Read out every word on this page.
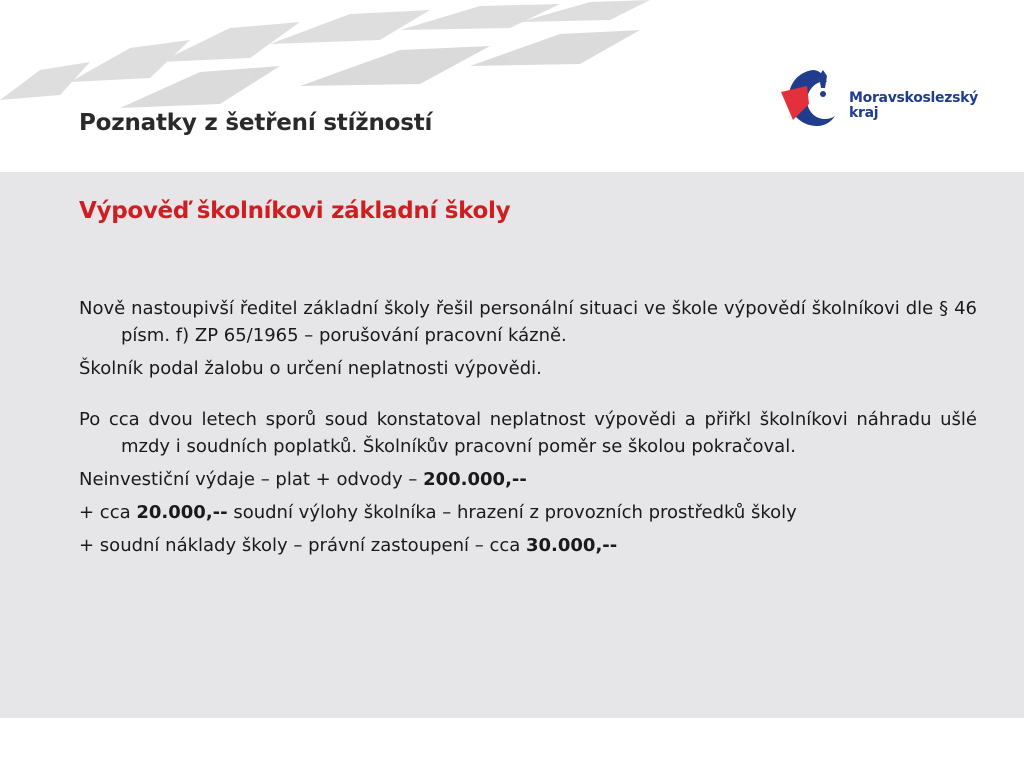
Poznatky z šetření stížností
Moravskoslezský
kraj
Výpověď školníkovi základní školy

Nově nastoupivší ředitel základní školy řešil personální situaci ve škole výpovědí školníkovi dle § 46 písm. f) ZP 65/1965 – porušování pracovní kázně.

Školník podal žalobu o určení neplatnosti výpovědi.

Po cca dvou letech sporů soud konstatoval neplatnost výpovědi a přiřkl školníkovi náhradu ušlé mzdy i soudních poplatků. Školníkův pracovní poměr se školou pokračoval.

Neinvestiční výdaje – plat + odvody – 200.000,--

+ cca 20.000,-- soudní výlohy školníka – hrazení z provozních prostředků školy

+ soudní náklady školy – právní zastoupení – cca 30.000,--
